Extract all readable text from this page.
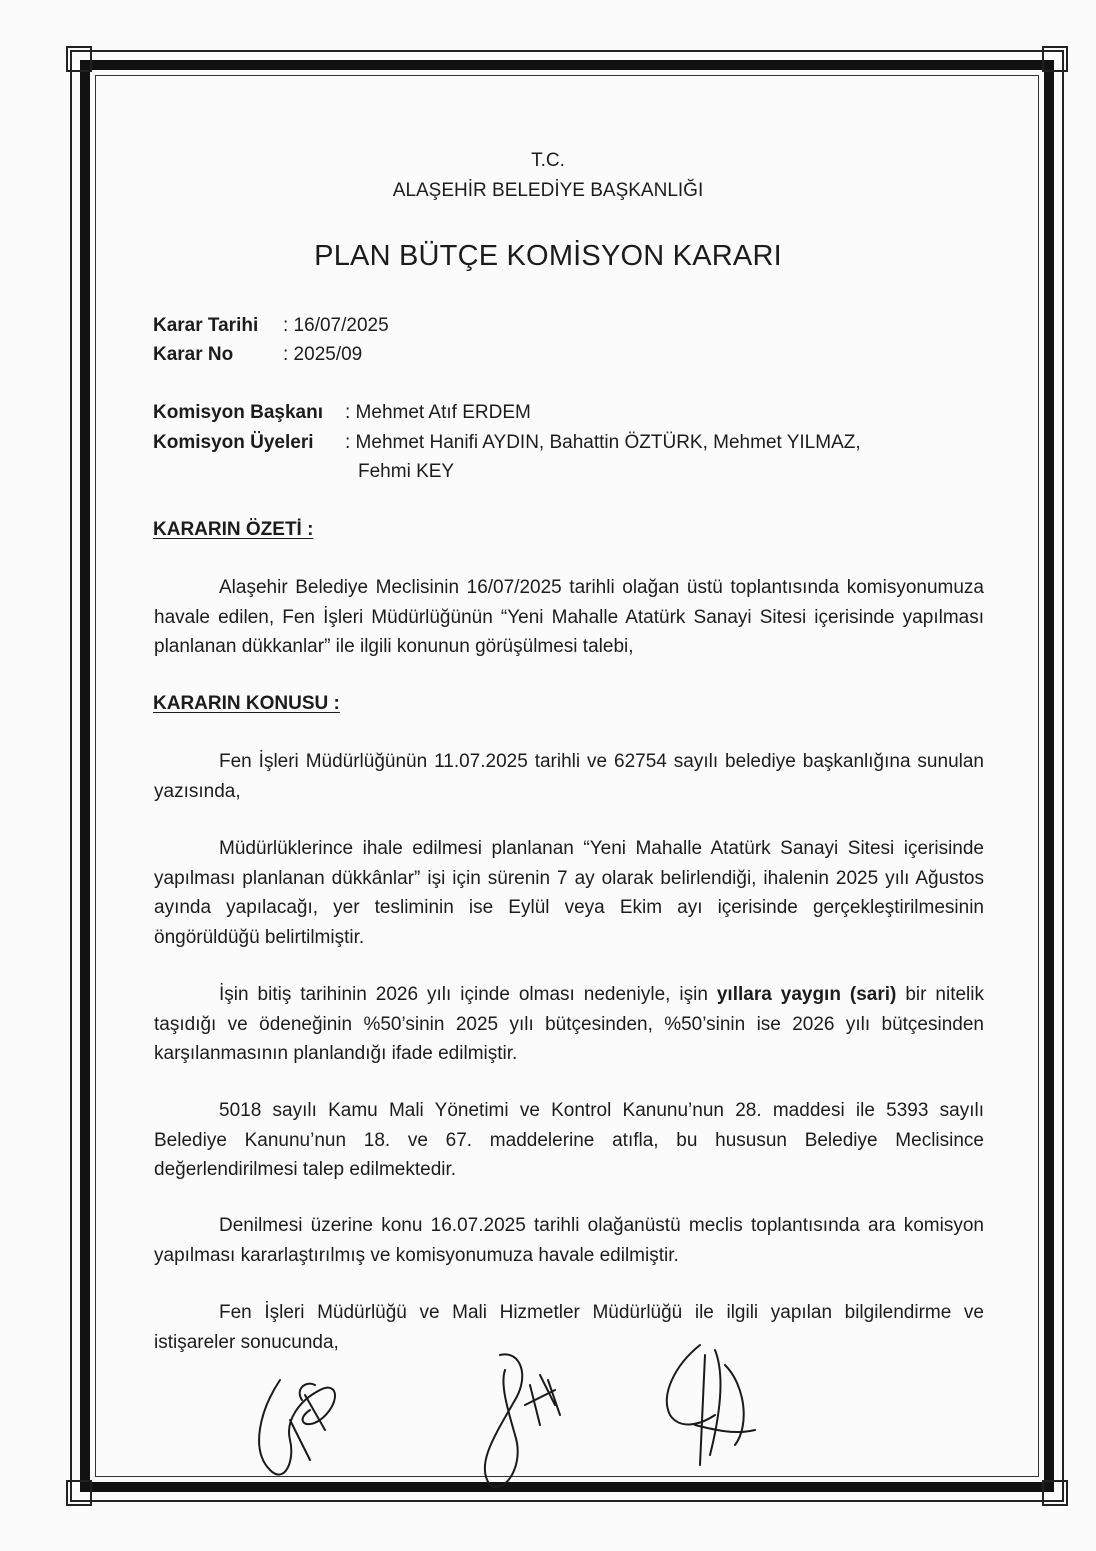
T.C.

ALAŞEHİR BELEDİYE BAŞKANLIĞI

PLAN BÜTÇE KOMİSYON KARARI
Karar Tarihi	: 16/07/2025
Karar No	: 2025/09
Komisyon Başkanı	: Mehmet Atıf ERDEM
Komisyon Üyeleri	: Mehmet Hanifi AYDIN, Bahattin ÖZTÜRK, Mehmet YILMAZ,

Fehmi KEY

KARARIN ÖZETİ :

Alaşehir Belediye Meclisinin 16/07/2025 tarihli olağan üstü toplantısında komisyonumuza havale edilen, Fen İşleri Müdürlüğünün “Yeni Mahalle Atatürk Sanayi Sitesi içerisinde yapılması planlanan dükkanlar” ile ilgili konunun görüşülmesi talebi,

KARARIN KONUSU :

Fen İşleri Müdürlüğünün 11.07.2025 tarihli ve 62754 sayılı belediye başkanlığına sunulan yazısında,

Müdürlüklerince ihale edilmesi planlanan “Yeni Mahalle Atatürk Sanayi Sitesi içerisinde yapılması planlanan dükkânlar” işi için sürenin 7 ay olarak belirlendiği, ihalenin 2025 yılı Ağustos ayında yapılacağı, yer tesliminin ise Eylül veya Ekim ayı içerisinde gerçekleştirilmesinin öngörüldüğü belirtilmiştir.

İşin bitiş tarihinin 2026 yılı içinde olması nedeniyle, işin yıllara yaygın (sari) bir nitelik taşıdığı ve ödeneğinin %50’sinin 2025 yılı bütçesinden, %50’sinin ise 2026 yılı bütçesinden karşılanmasının planlandığı ifade edilmiştir.

5018 sayılı Kamu Mali Yönetimi ve Kontrol Kanunu’nun 28. maddesi ile 5393 sayılı Belediye Kanunu’nun 18. ve 67. maddelerine atıfla, bu hususun Belediye Meclisince değerlendirilmesi talep edilmektedir.

Denilmesi üzerine konu 16.07.2025 tarihli olağanüstü meclis toplantısında ara komisyon yapılması kararlaştırılmış ve komisyonumuza havale edilmiştir.

Fen İşleri Müdürlüğü ve Mali Hizmetler Müdürlüğü ile ilgili yapılan bilgilendirme ve istişareler sonucunda,
